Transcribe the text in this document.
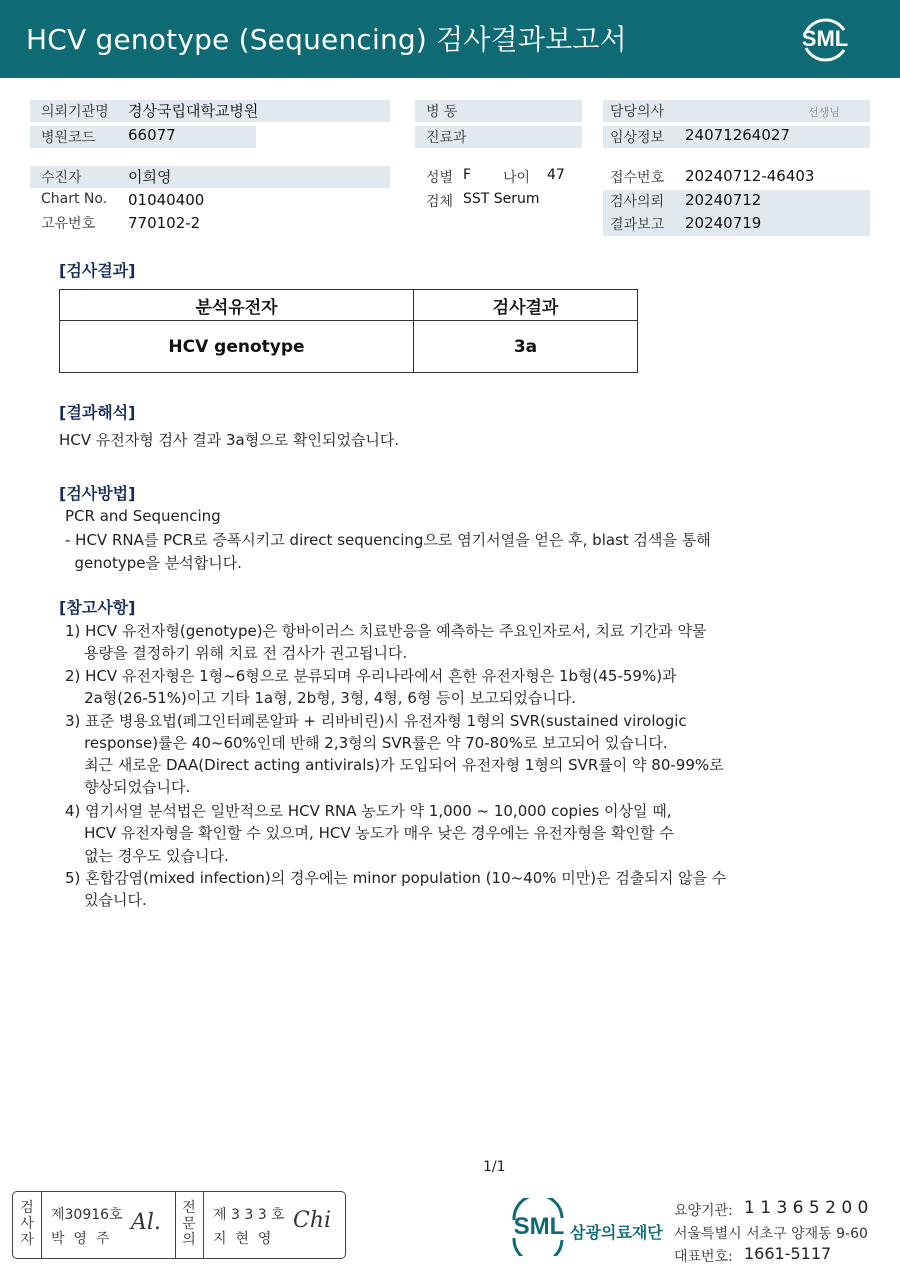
HCV genotype (Sequencing) 검사결과보고서	SML
의뢰기관명 경상국립대학교병원
병원코드 66077
병 동
진료과
담당의사	선생님
임상정보 24071264027
수진자	이희영
Chart No. 01040400
고유번호 770102-2
성별 F 나이 47
검체 SST Serum
접수번호 20240712-46403
검사의뢰 20240712
결과보고 20240719
[검사결과]
분석유전자	검사결과
HCV genotype	3a
[결과해석]
HCV 유전자형 검사 결과 3a형으로 확인되었습니다.
[검사방법]
PCR and Sequencing
- HCV RNA를 PCR로 증폭시키고 direct sequencing으로 염기서열을 얻은 후, blast 검색을 통해
genotype을 분석합니다.
[참고사항]
1) HCV 유전자형(genotype)은 항바이러스 치료반응을 예측하는 주요인자로서, 치료 기간과 약물
용량을 결정하기 위해 치료 전 검사가 권고됩니다.
2) HCV 유전자형은 1형~6형으로 분류되며 우리나라에서 흔한 유전자형은 1b형(45-59%)과
2a형(26-51%)이고 기타 1a형, 2b형, 3형, 4형, 6형 등이 보고되었습니다.
3) 표준 병용요법(페그인터페론알파 + 리바비린)시 유전자형 1형의 SVR(sustained virologic
response)률은 40~60%인데 반해 2,3형의 SVR률은 약 70-80%로 보고되어 있습니다.
최근 새로운 DAA(Direct acting antivirals)가 도입되어 유전자형 1형의 SVR률이 약 80-99%로
향상되었습니다.
4) 염기서열 분석법은 일반적으로 HCV RNA 농도가 약 1,000 ~ 10,000 copies 이상일 때,
HCV 유전자형을 확인할 수 있으며, HCV 농도가 매우 낮은 경우에는 유전자형을 확인할 수
없는 경우도 있습니다.
5) 혼합감염(mixed infection)의 경우에는 minor population (10~40% 미만)은 검출되지 않을 수
있습니다.
1/1
검
사
자
제30916호
박  영  주
Al.
전
문
의
제 3 3 3 호
지  현  영
Chi	SML 삼광의료재단
요양기관: 1 1 3 6 5 2 0 0
서울특별시 서초구 양재동 9-60
대표번호: 1661-5117
